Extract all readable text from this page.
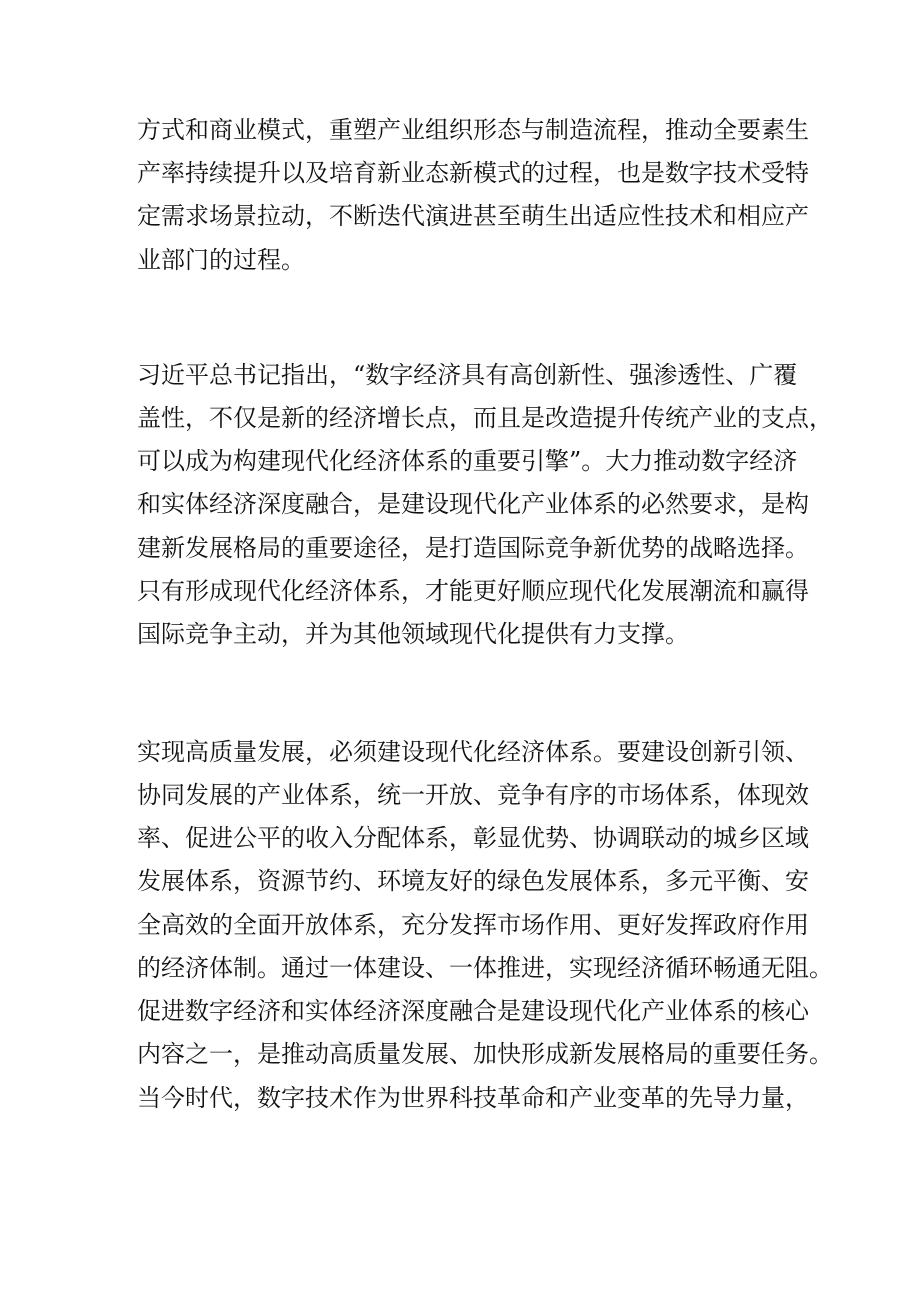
方式和商业模式，重塑产业组织形态与制造流程，推动全要素生

产率持续提升以及培育新业态新模式的过程，也是数字技术受特

定需求场景拉动，不断迭代演进甚至萌生出适应性技术和相应产

业部门的过程。

习近平总书记指出，“数字经济具有高创新性、强渗透性、广覆

盖性，不仅是新的经济增长点，而且是改造提升传统产业的支点，

可以成为构建现代化经济体系的重要引擎”。大力推动数字经济

和实体经济深度融合，是建设现代化产业体系的必然要求，是构

建新发展格局的重要途径，是打造国际竞争新优势的战略选择。

只有形成现代化经济体系，才能更好顺应现代化发展潮流和赢得

国际竞争主动，并为其他领域现代化提供有力支撑。

实现高质量发展，必须建设现代化经济体系。要建设创新引领、

协同发展的产业体系，统一开放、竞争有序的市场体系，体现效

率、促进公平的收入分配体系，彰显优势、协调联动的城乡区域

发展体系，资源节约、环境友好的绿色发展体系，多元平衡、安

全高效的全面开放体系，充分发挥市场作用、更好发挥政府作用

的经济体制。通过一体建设、一体推进，实现经济循环畅通无阻。

促进数字经济和实体经济深度融合是建设现代化产业体系的核心

内容之一，是推动高质量发展、加快形成新发展格局的重要任务。

当今时代，数字技术作为世界科技革命和产业变革的先导力量，
